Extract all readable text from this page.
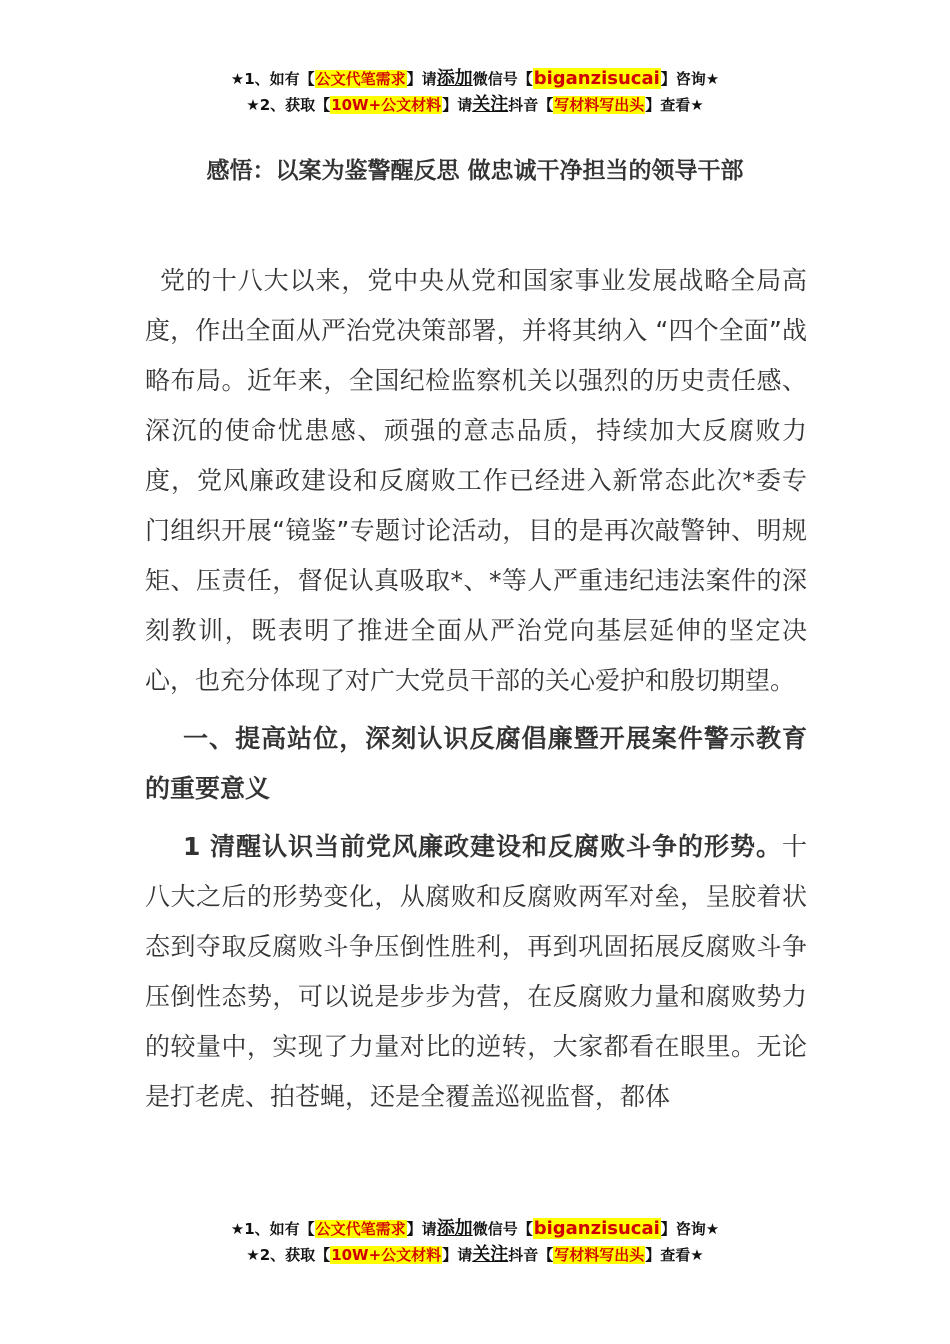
★1、如有【公文代笔需求】请添加微信号【biganzisucai】咨询★
★2、获取【10W+公文材料】请关注抖音【写材料写出头】查看★
感悟：以案为鉴警醒反思 做忠诚干净担当的领导干部

党的十八大以来，党中央从党和国家事业发展战略全局高度，作出全面从严治党决策部署，并将其纳入 “四个全面”战略布局。近年来，全国纪检监察机关以强烈的历史责任感、深沉的使命忧患感、顽强的意志品质，持续加大反腐败力度，党风廉政建设和反腐败工作已经进入新常态此次*委专门组织开展“镜鉴”专题讨论活动，目的是再次敲警钟、明规矩、压责任，督促认真吸取*、*等人严重违纪违法案件的深刻教训，既表明了推进全面从严治党向基层延伸的坚定决心，也充分体现了对广大党员干部的关心爱护和殷切期望。

一、提高站位，深刻认识反腐倡廉暨开展案件警示教育的重要意义

1 清醒认识当前党风廉政建设和反腐败斗争的形势。十八大之后的形势变化，从腐败和反腐败两军对垒，呈胶着状态到夺取反腐败斗争压倒性胜利，再到巩固拓展反腐败斗争压倒性态势，可以说是步步为营，在反腐败力量和腐败势力的较量中，实现了力量对比的逆转，大家都看在眼里。无论是打老虎、拍苍蝇，还是全覆盖巡视监督，都体

★1、如有【公文代笔需求】请添加微信号【biganzisucai】咨询★
★2、获取【10W+公文材料】请关注抖音【写材料写出头】查看★
